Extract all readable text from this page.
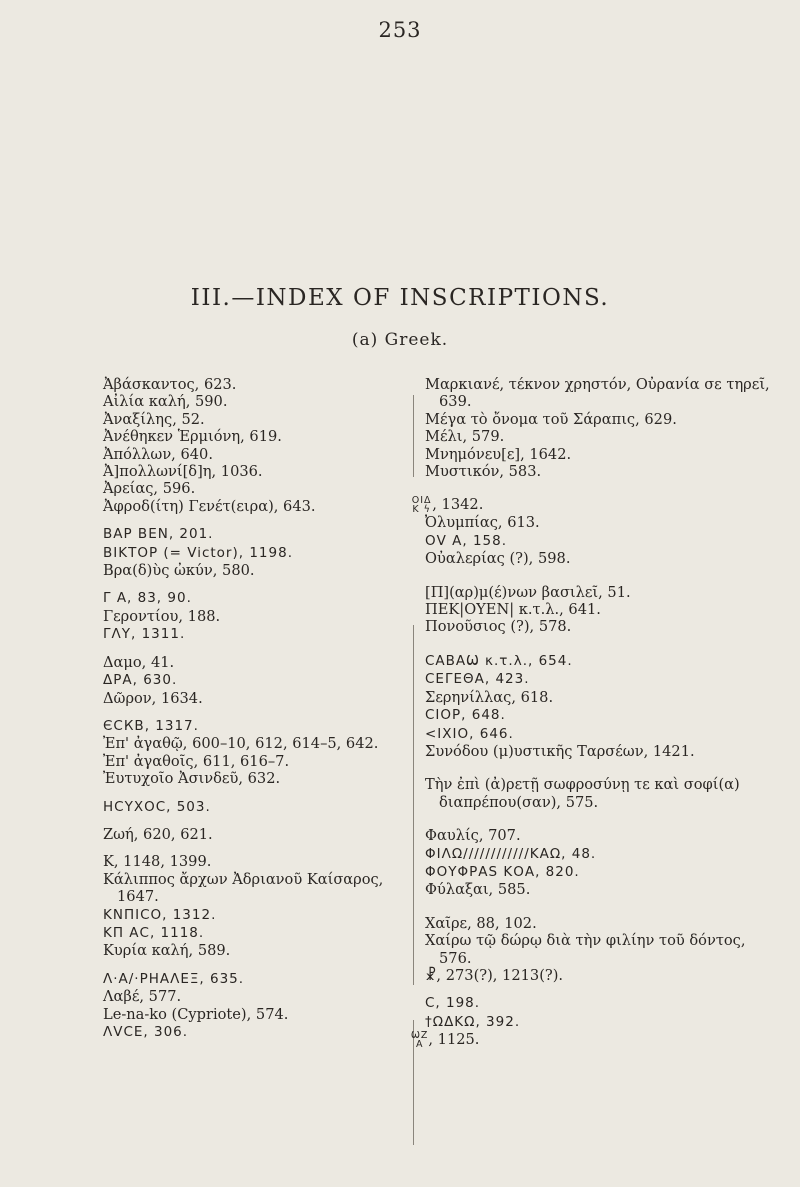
253
III.—INDEX OF INSCRIPTIONS.
(a) Greek.

Ἀβάσκαντος, 623.

Αἰλία καλή, 590.

Ἀναξίλης, 52.

Ἀνέθηκεν Ἑρμιόνη, 619.

Ἀπόλλων, 640.

Ἀ]πολλωνί[δ]η, 1036.

Ἀρείας, 596.

Ἀφροδ(ίτη) Γενέτ(ειρα), 643.

ΒΑΡ ΒΕΝ, 201.

ΒΙΚΤΟΡ (= Victor), 1198.

Βρα(δ)ὺς ὠκύν, 580.

Γ Α, 83, 90.

Γεροντίου, 188.

ΓΛΥ, 1311.

Δαμο, 41.

ΔΡΑ, 630.

Δῶρον, 1634.

ЄСКВ, 1317.

Ἐπ' ἀγαθῷ, 600–10, 612, 614–5, 642.

Ἐπ' ἀγαθοῖς, 611, 616–7.

Ἐυτυχοῖο Ἀσινδεῦ, 632.

ΗϹΥΧΟϹ, 503.

Ζωή, 620, 621.

K, 1148, 1399.

Κάλιππος ἄρχων Ἀδριανοῦ Καίσαρος, 1647.

ΚΝΠΙϹΟ, 1312.

ΚΠ ΑϹ, 1118.

Κυρία καλή, 589.

Λ·Α/·ΡΗΑΛΕΞ, 635.

Λαβέ, 577.

Le-na-ko (Cypriote), 574.

ΛVCE, 306.

Μαρκιανέ, τέκνον χρηστόν, Οὐρανία σε τηρεῖ, 639.

Μέγα τὸ ὄνομα τοῦ Σάραπις, 629.

Μέλι, 579.

Μνημόνευ[ε], 1642.

Μυστικόν, 583.

ΟΙΔ
Κ ϟ , 1342.

Ὀλυμπίας, 613.

ΟV Α, 158.

Οὐαλερίας (?), 598.

[Π](αρ)μ(έ)νων βασιλεῖ, 51.

ΠΕΚ|ΟΥΕΝ| κ.τ.λ., 641.

Πονοῦσιος (?), 578.

ϹΑΒΑѠ κ.τ.λ., 654.

ϹΕΓΕΘΑ, 423.

Σερηνίλλας, 618.

ϹΙΟΡ, 648.

<ΙΧΙΟ, 646.

Συνόδου (μ)υστικῆς Ταρσέων, 1421.

Τὴν ἐπὶ (ἀ)ρετῇ σωφροσύνῃ τε καὶ σοφί(α) διαπρέπου(σαν), 575.

Φαυλίς, 707.

ΦΙΛΩ////////////ΚΑΩ, 48.

ΦΟΥΦΡΑS ΚΟΑ, 820.

Φύλαξαι, 585.

Χαῖρε, 88, 102.

Χαίρω τῷ δώρῳ διὰ τὴν φιλίην τοῦ δόντος, 576.

☧, 273(?), 1213(?).

Ϲ, 198.

†ΩΔΚΩ, 392.

ѠΖ
Α , 1125.
